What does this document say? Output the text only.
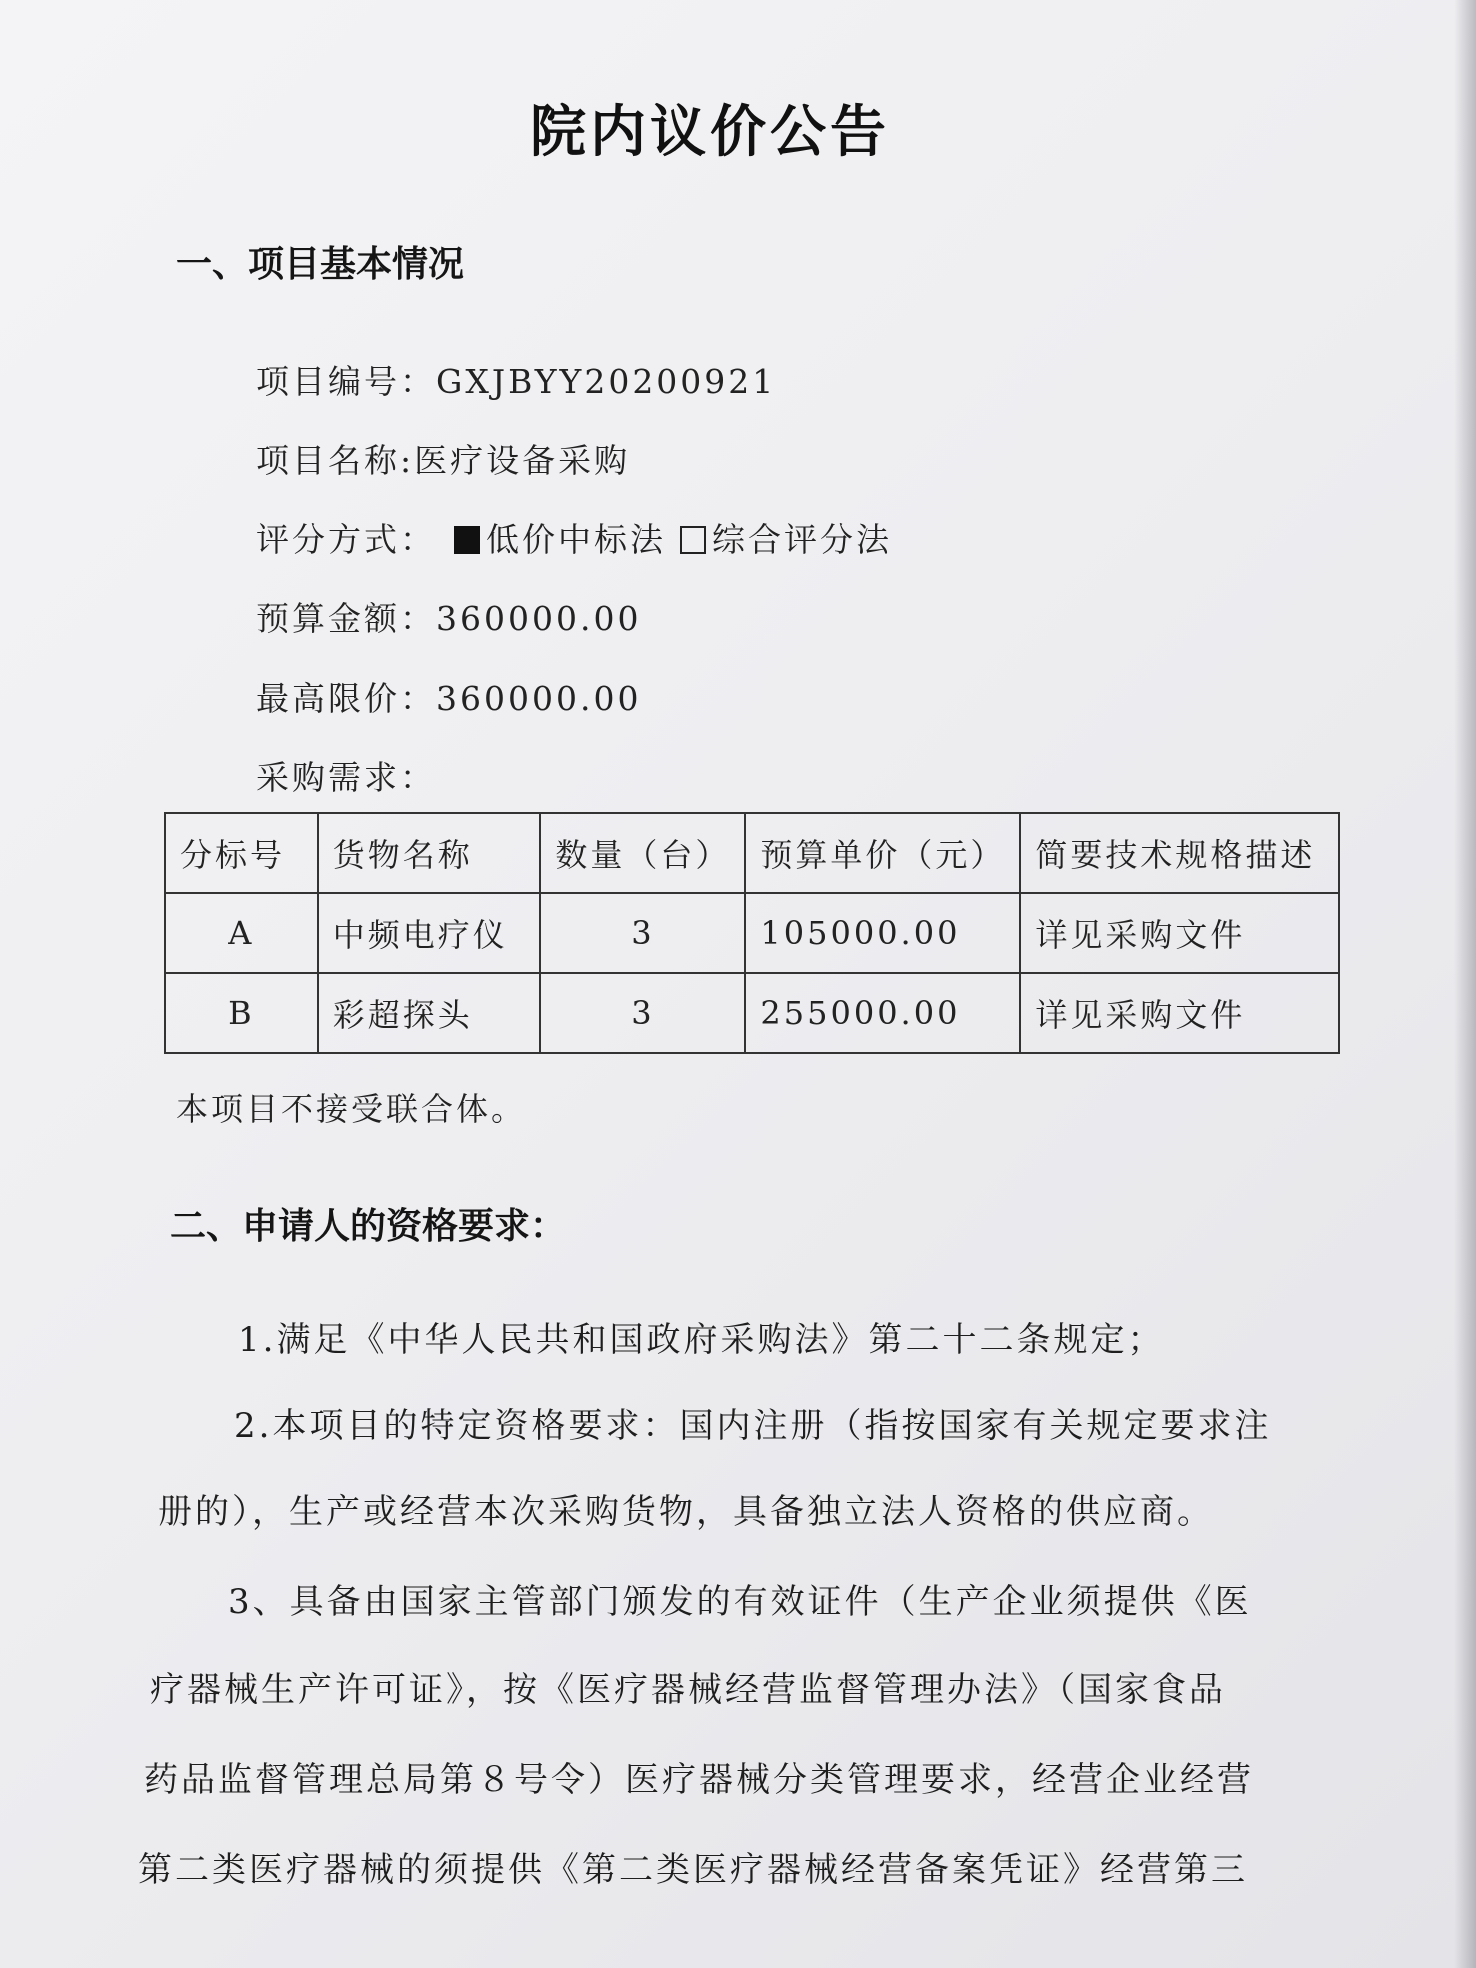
院内议价公告
一、项目基本情况
项目编号：GXJBYY20200921
项目名称:医疗设备采购
评分方式： 低价中标法 综合评分法
预算金额：360000.00
最高限价：360000.00
采购需求：
分标号	货物名称	数量（台）	预算单价（元）	简要技术规格描述
A	中频电疗仪	3	105000.00	详见采购文件
B	彩超探头	3	255000.00	详见采购文件
本项目不接受联合体。
二、申请人的资格要求：
1.满足《中华人民共和国政府采购法》第二十二条规定；
2.本项目的特定资格要求：国内注册（指按国家有关规定要求注
册的），生产或经营本次采购货物，具备独立法人资格的供应商。
3、具备由国家主管部门颁发的有效证件（生产企业须提供《医
疗器械生产许可证》，按《医疗器械经营监督管理办法》（国家食品
药品监督管理总局第８号令）医疗器械分类管理要求，经营企业经营
第二类医疗器械的须提供《第二类医疗器械经营备案凭证》经营第三
